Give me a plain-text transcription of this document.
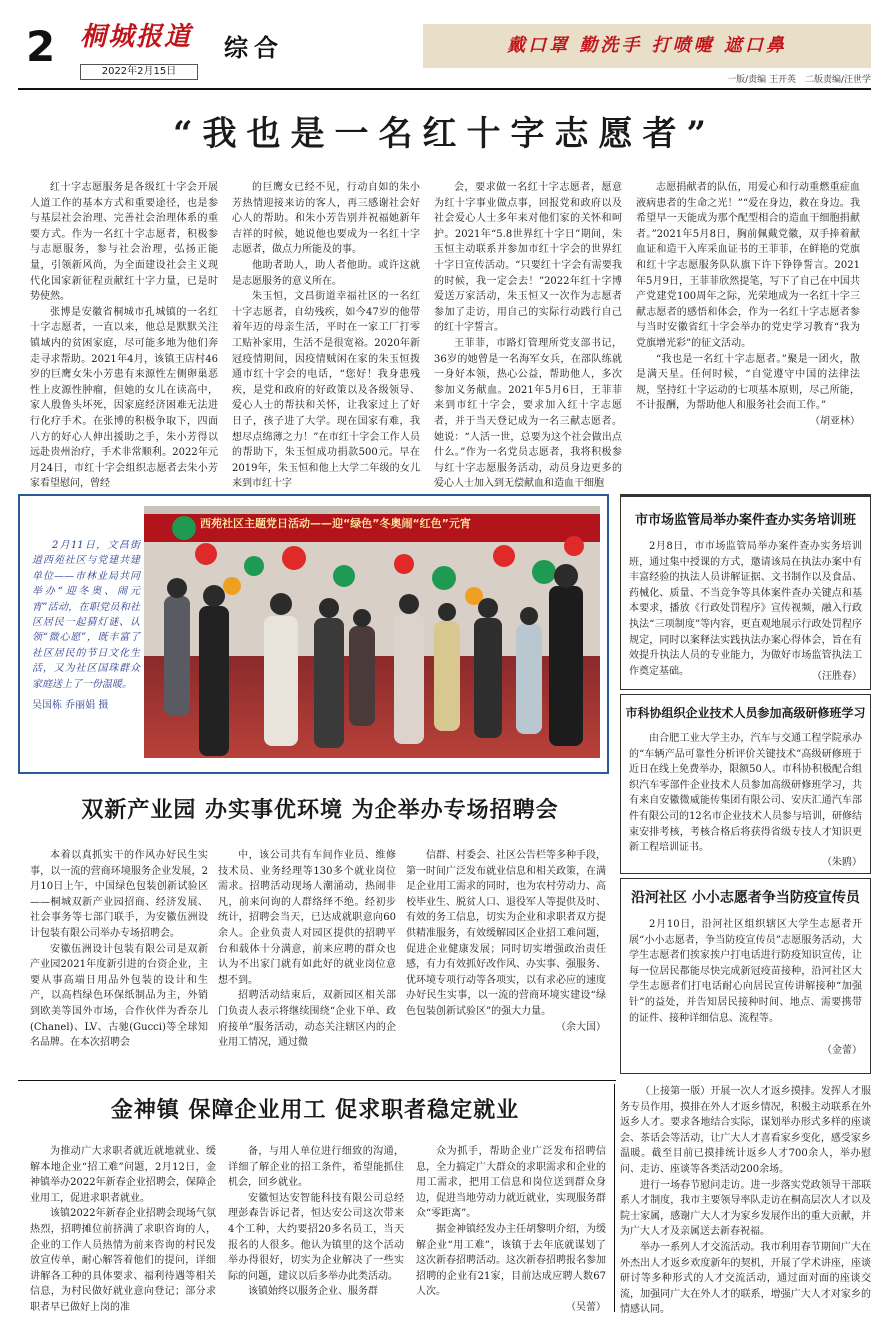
2 桐城报道
2022年2月15日
综合	戴口罩 勤洗手 打喷嚏 遮口鼻
一版/责编 王开英　二版责编/汪世学
“我也是一名红十字志愿者”

红十字志愿服务是各级红十字会开展人道工作的基本方式和重要途径，也是参与基层社会治理、完善社会治理体系的重要方式。作为一名红十字志愿者，积极参与志愿服务，参与社会治理，弘扬正能量，引领新风尚，为全面建设社会主义现代化国家新征程贡献红十字力量，已是时势使然。

张博是安徽省桐城市孔城镇的一名红十字志愿者，一直以来，他总是默默关注镇域内的贫困家庭，尽可能多地为他们奔走寻求帮助。2021年4月，该镇王店村46岁的巨鹰女朱小芳患有来源性左侧卵巢恶性上皮源性肿瘤，但她的女儿在读高中，家人殷鲁头坏死，因家庭经济困难无法进行化疗手术。在张博的积极争取下，四面八方的好心人伸出援助之手，朱小芳得以远赴贵州治疗，手术非常顺利。2022年元月24日，市红十字会组织志愿者去朱小芳家看望慰问，曾经

的巨鹰女已经不见，行动自如的朱小芳热情迎接来访的客人，再三感谢社会好心人的帮助。和朱小芳告别并祝福她新年吉祥的时候，她说他也要成为一名红十字志愿者，做点力所能及的事。

他助者助人，助人者他助。或许这就是志愿服务的意义所在。

朱玉恒，文昌街道幸福社区的一名红十字志愿者，自幼残疾，如今47岁的他带着年迈的母亲生活，平时在一家工厂打零工贴补家用，生活不是很宽裕。2020年新冠疫情期间，因疫情贼闲在家的朱玉恒拨通市红十字会的电话，“您好！我身患残疾，是党和政府的好政策以及各级领导、爱心人士的帮扶和关怀，让我家过上了好日子，孩子进了大学。现在国家有难，我想尽点绵薄之力！”在市红十字会工作人员的帮助下，朱玉恒成功捐款500元。早在2019年，朱玉恒和他上大学二年级的女儿来到市红十字

会，要求做一名红十字志愿者，愿意为红十字事业做点事，回报党和政府以及社会爱心人士多年来对他们家的关怀和呵护。2021年“5.8世界红十字日”期间，朱玉恒主动联系并参加市红十字会的世界红十字日宣传活动。“只要红十字会有需要我的时候，我一定会去！”2022年红十字博爱送万家活动，朱玉恒又一次作为志愿者参加了走访，用自己的实际行动践行自己的红十字誓言。

王菲菲，市路灯管理所党支部书记，36岁的她曾是一名海军女兵，在部队练就一身好本领，热心公益，帮助他人，多次参加义务献血。2021年5月6日，王菲菲来到市红十字会，要求加入红十字志愿者，并于当天登记成为一名三献志愿者。她说：“人活一世，总要为这个社会做出点什么。”作为一名党员志愿者，我将积极参与红十字志愿服务活动，动员身边更多的爱心人士加入到无偿献血和造血干细胞

志愿捐献者的队伍，用爱心和行动重燃重症血液病患者的生命之光！”“爱在身边，救在身边。我希望早一天能成为那个配型相合的造血干细胞捐献者。”2021年5月8日，胸前佩戴党徽，双手捧着献血证和造干入库采血证书的王菲菲，在鲜艳的党旗和红十字志愿服务队队旗下许下铮铮誓言。2021年5月9日，王菲菲欣然提笔，写下了自己在中国共产党建党100周年之际，光荣地成为一名红十字三献志愿者的感悟和体会，作为一名红十字志愿者参与当时安徽省红十字会举办的党史学习教育“我为党旗增光彩”的征文活动。

“我也是一名红十字志愿者。”聚是一团火，散是满天星。任何时候，“自觉遵守中国的法律法规，坚持红十字运动的七项基本原则，尽己所能，不计报酬，为帮助他人和服务社会而工作。”

（胡亚林）

2月11日，文昌街道西苑社区与党建共建单位——市林业局共同举办“迎冬奥、闹元宵”活动，在职党员和社区居民一起猜灯谜、认领“微心愿”，既丰富了社区居民的节日文化生活，又为社区国珠群众家庭送上了一份温暖。
吴国栋 乔丽娟 摄
西苑社区主题党日活动——迎“绿色”冬奥闹“红色”元宵
双新产业园 办实事优环境 为企举办专场招聘会

本着以真抓实干的作风办好民生实事，以一流的营商环境服务企业发展，2月10日上午，中国绿色包装创新试验区——桐城双新产业园招商、经济发展、社会事务等七部门联手，为安徽伍洲设计包装有限公司举办专场招聘会。

安徽伍洲设计包装有限公司是双新产业园2021年度新引进的台资企业，主要从事高端日用品外包装的设计和生产，以高档绿色环保纸制品为主，外销到欧美等国外市场，合作伙伴为香奈儿(Chanel)、LV、古驰(Gucci)等全球知名品牌。在本次招聘会

中，该公司共有车间作业员、维修技术员、业务经理等130多个就业岗位需求。招聘活动现场人潮涌动，热闹非凡，前来问询的人群络绎不绝。经初步统计，招聘会当天，已达成就职意向60余人。企业负责人对园区提供的招聘平台和载体十分满意，前来应聘的群众也认为不出家门就有如此好的就业岗位意想不到。

招聘活动结束后，双新园区相关部门负责人表示将继续围绕“企业下单、政府接单”服务活动，动态关注辖区内的企业用工情况，通过微

信群、村委会、社区公告栏等多种手段，第一时间广泛发布就业信息和相关政策，在满足企业用工需求的同时，也为农村劳动力、高校毕业生、脱贫人口、退役军人等提供及时、有效的务工信息，切实为企业和求职者双方提供精准服务，有效缓解园区企业招工难问题，促进企业健康发展；同时切实增强政治责任感，有力有效抓好改作风、办实事、强服务、优环境专项行动等各项实，以有求必应的速度办好民生实事，以一流的营商环境实建设“绿色包装创新试验区”的强大力量。

（余大国）

市市场监管局举办案件查办实务培训班
2月8日，市市场监管局举办案件查办实务培训班，通过集中授课的方式，邀请该局在执法办案中有丰富经验的执法人员讲解证据、文书制作以及食品、药械化、质量、不当竞争等具体案件查办关键点和基本要求，播放《行政处罚程序》宣传视频，融入行政执法“三项制度”等内容，更直观地展示行政处罚程序规定，同时以案释法实践执法办案心得体会，旨在有效提升执法人员的专业能力，为做好市场监管执法工作奠定基础。	（汪胜春）
市科协组织企业技术人员参加高级研修班学习
由合肥工业大学主办，汽车与交通工程学院承办的“车辆产品可靠性分析评价关键技术”高级研修班于近日在线上免费举办，限额50人。市科协积极配合组织汽车零部件企业技术人员参加高级研修班学习，共有来自安徽微威能传集团有限公司、安庆汇通汽车部件有限公司的12名市企业技术人员参与培训，研修结束安排考核，考核合格后将获得省级专技人才知识更新工程培训证书。
（朱鸥）
沿河社区 小小志愿者争当防疫宣传员
2月10日，沿河社区组织辖区大学生志愿者开展“小小志愿者，争当防疫宣传员”志愿服务活动，大学生志愿者们挨家挨户打电话进行防疫知识宣传，让每一位居民都能尽快完成新冠疫苗接种，沿河社区大学生志愿者们打电话耐心向居民宣传讲解接种“加强针”的益处，并告知居民接种时间、地点、需要携带的证件、接种详细信息、流程等。
（金蕾）
金神镇 保障企业用工 促求职者稳定就业

为推动广大求职者就近就地就业、缓解本地企业“招工难”问题，2月12日，金神镇举办2022年新春企业招聘会，保障企业用工，促进求职者就业。

该镇2022年新春企业招聘会现场气氛热烈，招聘摊位前挤满了求职咨询的人，企业的工作人员热情为前来咨询的村民发放宣传单，耐心解答着他们的提问，详细讲解各工种的具体要求、福利待遇等相关信息，为村民做好就业意向登记；部分求职者早已做好上岗的准

备，与用人单位进行细致的沟通，详细了解企业的招工条件，希望能抓住机会，回乡就业。

安徽恒达安智能科技有限公司总经理彭森告诉记者，恒达安公司这次带来4个工种，大约要招20多名员工，当天报名的人很多。他认为镇里的这个活动举办得很好，切实为企业解决了一些实际的问题，建议以后多举办此类活动。

该镇始终以服务企业、服务群

众为抓手，帮助企业广泛发布招聘信息，全力搞定广大群众的求职需求和企业的用工需求，把用工信息和岗位送到群众身边，促进当地劳动力就近就业，实现服务群众“零距离”。

据金神镇经发办主任胡黎明介绍，为缓解企业“用工难”，该镇于去年底就谋划了这次新春招聘活动。这次新春招聘报名参加招聘的企业有21家，目前达成应聘人数67人次。

（吴蕾）

（上接第一版）开展一次人才返乡摸排。发挥人才服务专员作用，摸排在外人才返乡情况，积极主动联系在外返乡人才。要求各地结合实际，谋划举办形式多样的座谈会、茶话会等活动，让广大人才喜看家乡变化，感受家乡温暖。截至目前已摸排统计返乡人才700余人，举办慰问、走访、座谈等各类活动200余场。

进行一场春节慰问走访。进一步落实党政领导干部联系人才制度，我市主要领导率队走访在桐高层次人才以及院士家属，感谢广大人才为家乡发展作出的重大贡献，并为广大人才及亲属送去新春祝福。

举办一系列人才交流活动。我市利用春节期间广大在外杰出人才返乡欢度新年的契机，开展了学术讲座，座谈研讨等多种形式的人才交流活动，通过面对面的座谈交流，加强同广大在外人才的联系，增强广大人才对家乡的情感认同。
